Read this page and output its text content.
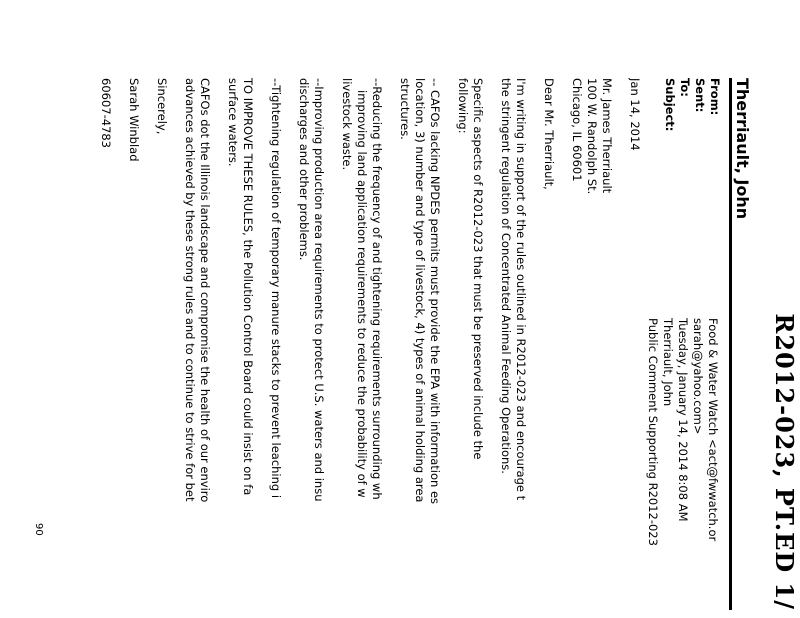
R2012-023, PT.ED 1/
Therriault, John
From:
Sent:
To:
Subject:
Food & Water Watch <act@fwwatch.or
sarah@yahoo.com>
Tuesday, January 14, 2014 8:08 AM
Therriault, John
Public Comment Supporting R2012-023
Jan 14, 2014
Mr. James Therriault
100 W. Randolph St.
Chicago, IL 60601
Dear Mr. Therriault,
I'm writing in support of the rules outlined in R2012-023 and encourage t
the stringent regulation of Concentrated Animal Feeding Operations.
Specific aspects of R2012-023 that must be preserved include the
following:
-- CAFOs lacking NPDES permits must provide the EPA with information es
location, 3) number and type of livestock, 4) types of animal holding area
structures.
--Reducing the frequency of and tightening requirements surrounding wh
improving land application requirements to reduce the probability of w
livestock waste.
--Improving production area requirements to protect U.S. waters and insu
discharges and other problems.
--Tightening regulation of temporary manure stacks to prevent leaching i
TO IMPROVE THESE RULES, the Pollution Control Board could insist on fa
surface waters.
CAFOs dot the Illinois landscape and compromise the health of our enviro
advances achieved by these strong rules and to continue to strive for bet
Sincerely,
Sarah Winblad
60607-4783
90
